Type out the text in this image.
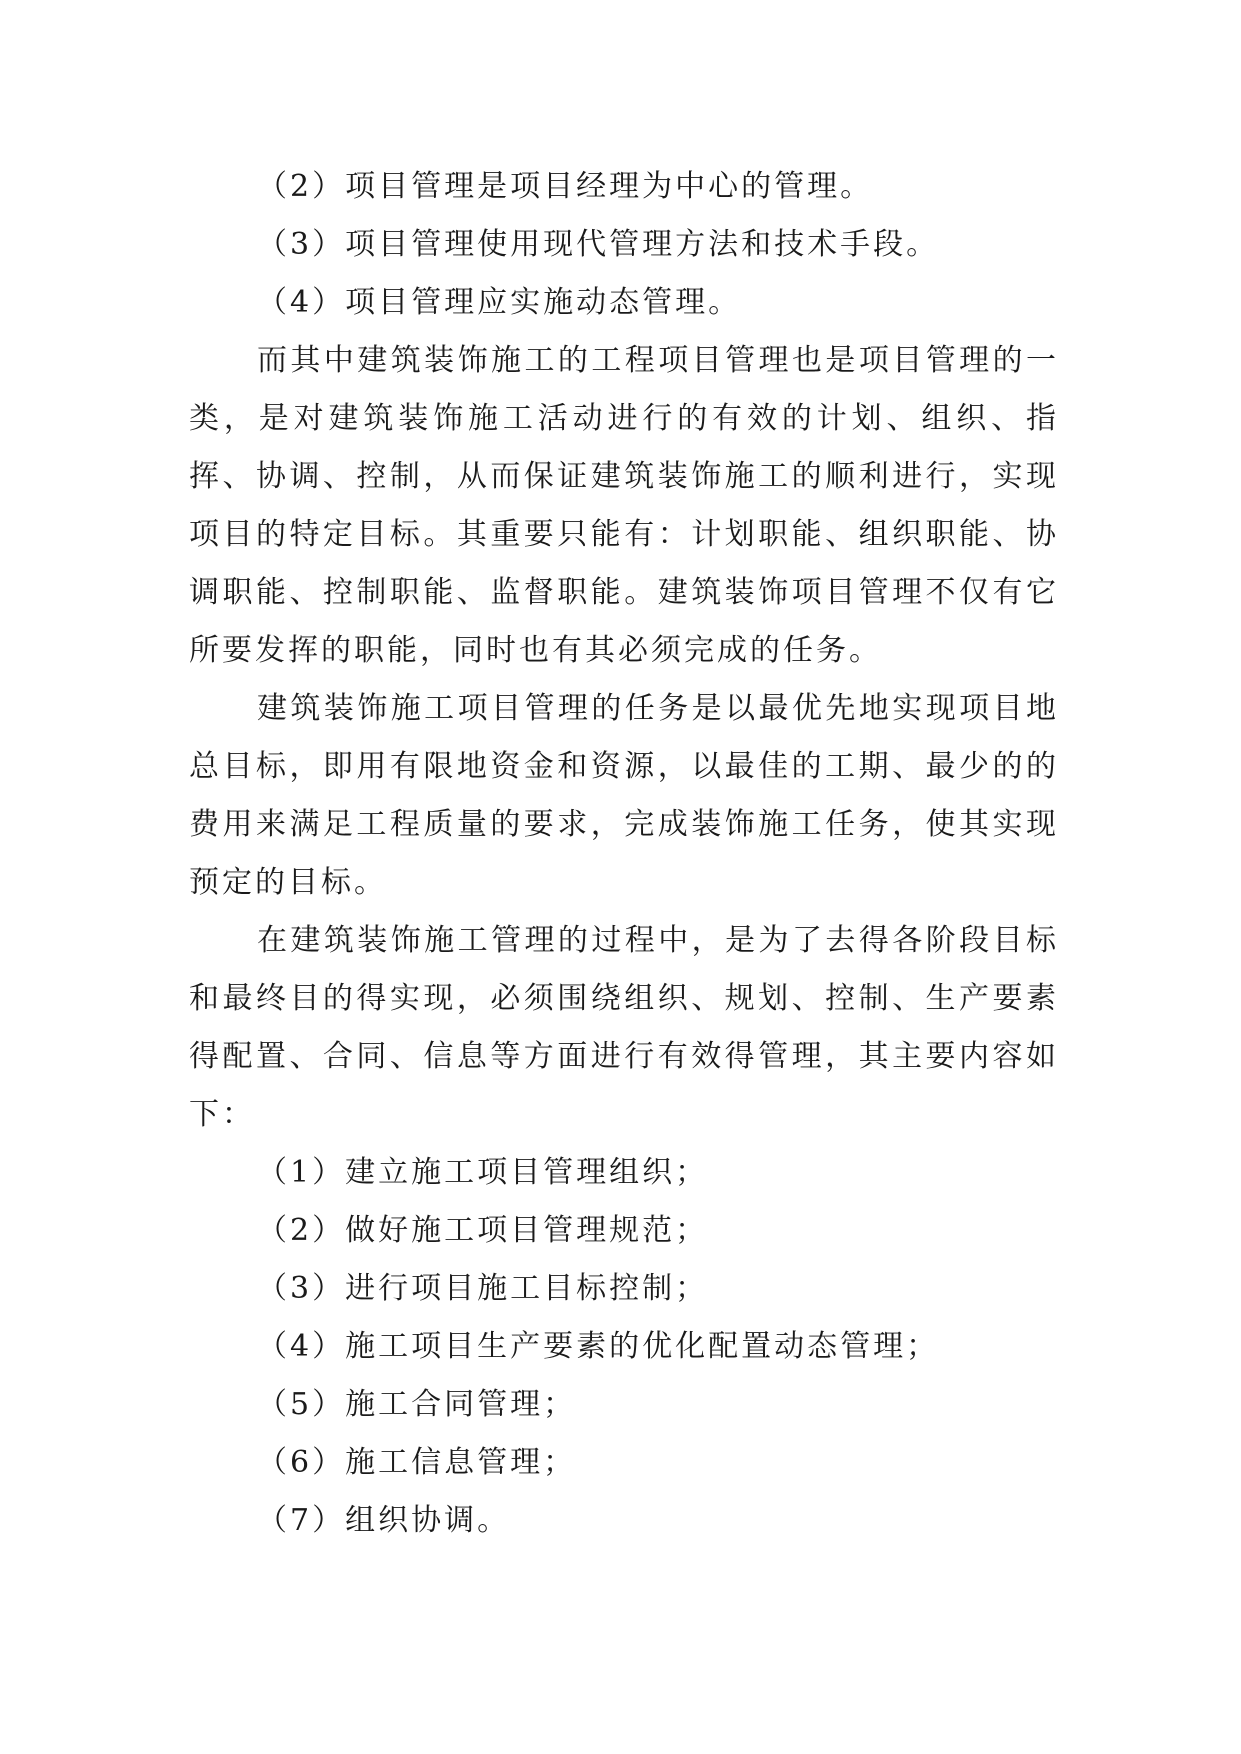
（2）项目管理是项目经理为中心的管理。
（3）项目管理使用现代管理方法和技术手段。
（4）项目管理应实施动态管理。

而其中建筑装饰施工的工程项目管理也是项目管理的一类，是对建筑装饰施工活动进行的有效的计划、组织、指挥、协调、控制，从而保证建筑装饰施工的顺利进行，实现项目的特定目标。其重要只能有：计划职能、组织职能、协调职能、控制职能、监督职能。建筑装饰项目管理不仅有它所要发挥的职能，同时也有其必须完成的任务。

建筑装饰施工项目管理的任务是以最优先地实现项目地总目标，即用有限地资金和资源，以最佳的工期、最少的的费用来满足工程质量的要求，完成装饰施工任务，使其实现预定的目标。

在建筑装饰施工管理的过程中，是为了去得各阶段目标和最终目的得实现，必须围绕组织、规划、控制、生产要素得配置、合同、信息等方面进行有效得管理，其主要内容如下：

（1）建立施工项目管理组织；
（2）做好施工项目管理规范；
（3）进行项目施工目标控制；
（4）施工项目生产要素的优化配置动态管理；
（5）施工合同管理；
（6）施工信息管理；
（7）组织协调。
